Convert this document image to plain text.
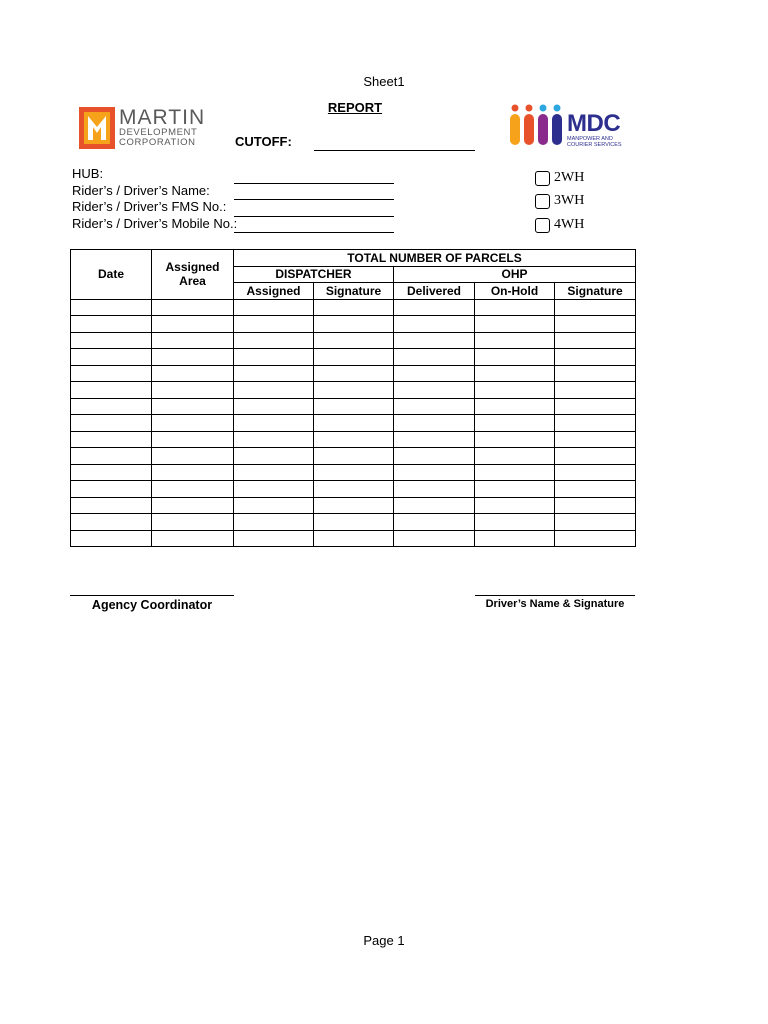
Sheet1
REPORT
MARTIN
DEVELOPMENT
CORPORATION	CUTOFF:
MDC
MANPOWER AND
COURIER SERVICES
HUB:
Rider’s / Driver’s Name:
Rider’s / Driver’s FMS No.:
Rider’s / Driver’s Mobile No.:
2WH
3WH
4WH
Date	Assigned Area	TOTAL NUMBER OF PARCELS				
		DISPATCHER		OHP		
		Assigned	Signature	Delivered	On-Hold	Signature

Agency Coordinator	Driver’s Name & Signature
Page 1
